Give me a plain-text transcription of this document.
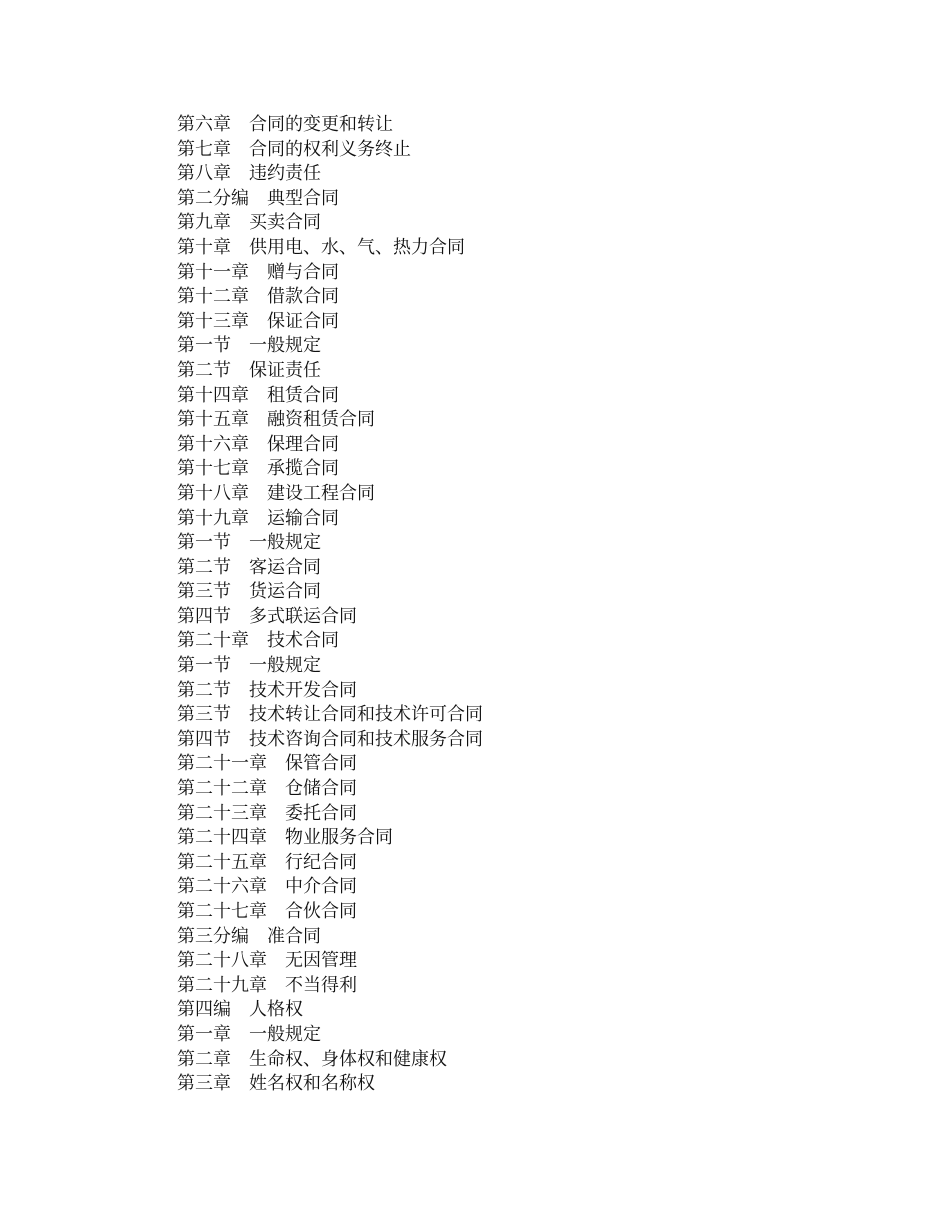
第六章　合同的变更和转让
第七章　合同的权利义务终止
第八章　违约责任
第二分编　典型合同
第九章　买卖合同
第十章　供用电、水、气、热力合同
第十一章　赠与合同
第十二章　借款合同
第十三章　保证合同
第一节　一般规定
第二节　保证责任
第十四章　租赁合同
第十五章　融资租赁合同
第十六章　保理合同
第十七章　承揽合同
第十八章　建设工程合同
第十九章　运输合同
第一节　一般规定
第二节　客运合同
第三节　货运合同
第四节　多式联运合同
第二十章　技术合同
第一节　一般规定
第二节　技术开发合同
第三节　技术转让合同和技术许可合同
第四节　技术咨询合同和技术服务合同
第二十一章　保管合同
第二十二章　仓储合同
第二十三章　委托合同
第二十四章　物业服务合同
第二十五章　行纪合同
第二十六章　中介合同
第二十七章　合伙合同
第三分编　准合同
第二十八章　无因管理
第二十九章　不当得利
第四编　人格权
第一章　一般规定
第二章　生命权、身体权和健康权
第三章　姓名权和名称权
